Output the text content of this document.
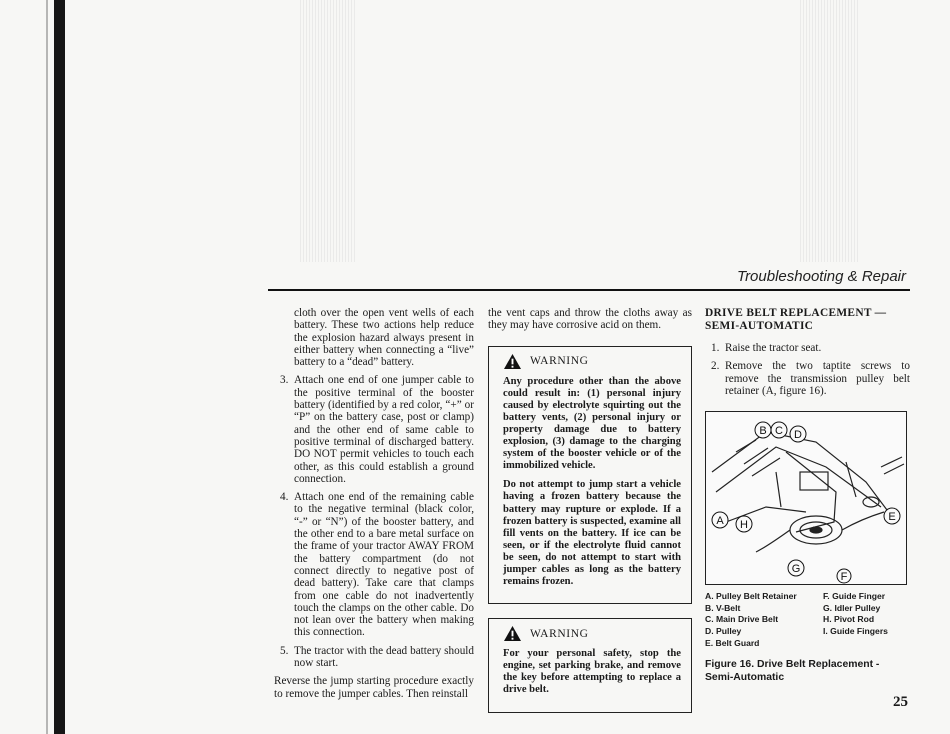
Troubleshooting & Repair
cloth over the open vent wells of each battery. These two actions help reduce the explosion hazard always present in either battery when connecting a “live” battery to a “dead” battery.
3. Attach one end of one jumper cable to the positive terminal of the booster battery (identified by a red color, “+” or “P” on the battery case, post or clamp) and the other end of same cable to positive terminal of discharged battery. DO NOT permit vehicles to touch each other, as this could establish a ground connection.
4. Attach one end of the remaining cable to the negative terminal (black color, “-” or “N”) of the booster battery, and the other end to a bare metal surface on the frame of your tractor AWAY FROM the battery compartment (do not connect directly to negative post of dead battery). Take care that clamps from one cable do not inadvertently touch the clamps on the other cable. Do not lean over the battery when making this connection.
5. The tractor with the dead battery should now start.
Reverse the jump starting procedure exactly to remove the jumper cables. Then reinstall
the vent caps and throw the cloths away as they may have corrosive acid on them.
WARNING

Any procedure other than the above could result in: (1) personal injury caused by electrolyte squirting out the battery vents, (2) personal injury or property damage due to battery explosion, (3) damage to the charging system of the booster vehicle or of the immobilized vehicle.

Do not attempt to jump start a vehicle having a frozen battery because the battery may rupture or explode. If a frozen battery is suspected, examine all fill vents on the battery. If ice can be seen, or if the electrolyte fluid cannot be seen, do not attempt to start with jumper cables as long as the battery remains frozen.

WARNING

For your personal safety, stop the engine, set parking brake, and remove the key before attempting to replace a drive belt.

DRIVE BELT REPLACEMENT — SEMI-AUTOMATIC
1. Raise the tractor seat.
2. Remove the two taptite screws to remove the transmission pulley belt retainer (A, figure 16).
A
B C D
E
F
G
H
A. Pulley Belt Retainer	F. Guide Finger
B. V-Belt	G. Idler Pulley
C. Main Drive Belt	H. Pivot Rod
D. Pulley	I. Guide Fingers
E. Belt Guard
Figure 16. Drive Belt Replacement - Semi-Automatic
25
